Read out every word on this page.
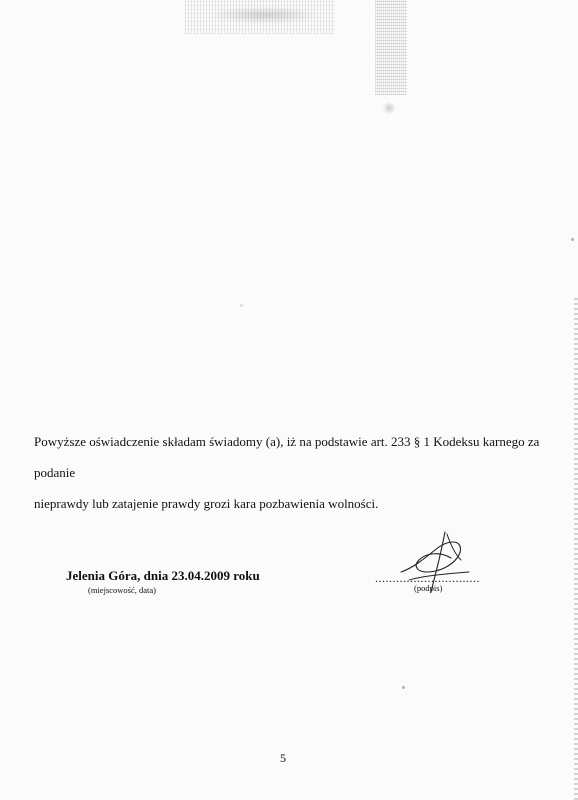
Powyższe oświadczenie składam świadomy (a), iż na podstawie art. 233 § 1 Kodeksu karnego za podanie

nieprawdy lub zatajenie prawdy grozi kara pozbawienia wolności.

Jelenia Góra, dnia 23.04.2009 roku
(miejscowość, data)
..............................
(podpis)
5
